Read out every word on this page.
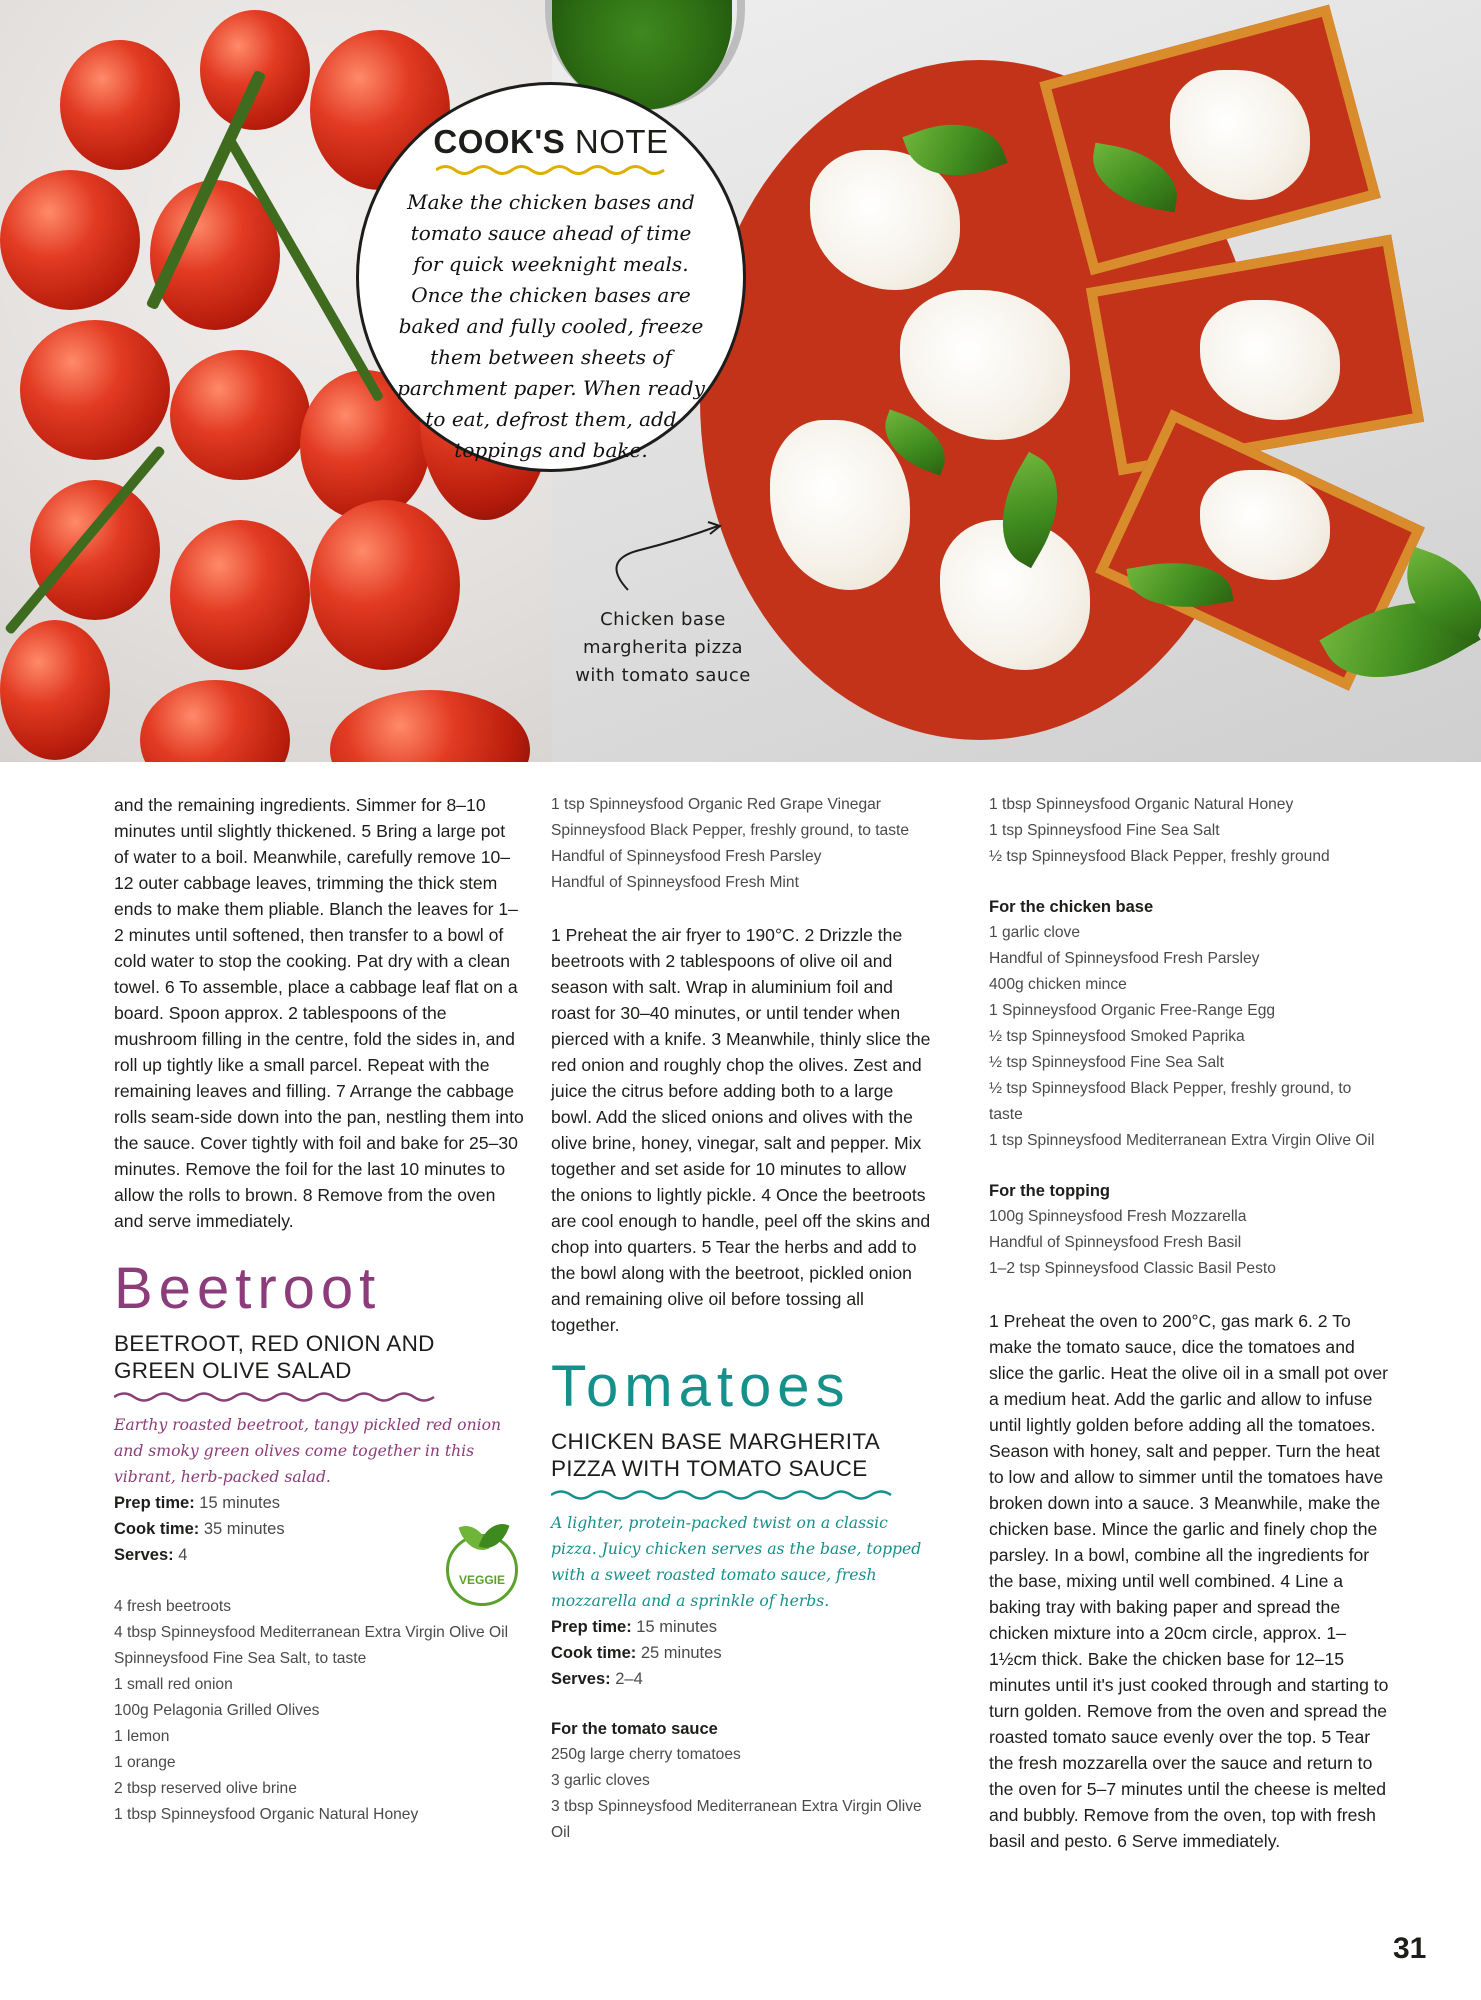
COOK'S NOTE
Make the chicken bases and tomato sauce ahead of time for quick weeknight meals. Once the chicken bases are baked and fully cooled, freeze them between sheets of parchment paper. When ready to eat, defrost them, add toppings and bake.
Chicken base
margherita pizza
with tomato sauce

and the remaining ingredients. Simmer for 8–10 minutes until slightly thickened. 5 Bring a large pot of water to a boil. Meanwhile, carefully remove 10–12 outer cabbage leaves, trimming the thick stem ends to make them pliable. Blanch the leaves for 1–2 minutes until softened, then transfer to a bowl of cold water to stop the cooking. Pat dry with a clean towel. 6 To assemble, place a cabbage leaf flat on a board. Spoon approx. 2 tablespoons of the mushroom filling in the centre, fold the sides in, and roll up tightly like a small parcel. Repeat with the remaining leaves and filling. 7 Arrange the cabbage rolls seam-side down into the pan, nestling them into the sauce. Cover tightly with foil and bake for 25–30 minutes. Remove the foil for the last 10 minutes to allow the rolls to brown. 8 Remove from the oven and serve immediately.

Beetroot
BEETROOT, RED ONION AND
GREEN OLIVE SALAD

Earthy roasted beetroot, tangy pickled red onion and smoky green olives come together in this vibrant, herb-packed salad.

Prep time: 15 minutes

Cook time: 35 minutes

Serves: 4

4 fresh beetroots
4 tbsp Spinneysfood Mediterranean Extra Virgin Olive Oil
Spinneysfood Fine Sea Salt, to taste
1 small red onion
100g Pelagonia Grilled Olives
1 lemon
1 orange
2 tbsp reserved olive brine
1 tbsp Spinneysfood Organic Natural Honey
VEGGIE
1 tsp Spinneysfood Organic Red Grape Vinegar
Spinneysfood Black Pepper, freshly ground, to taste
Handful of Spinneysfood Fresh Parsley
Handful of Spinneysfood Fresh Mint

1 Preheat the air fryer to 190°C. 2 Drizzle the beetroots with 2 tablespoons of olive oil and season with salt. Wrap in aluminium foil and roast for 30–40 minutes, or until tender when pierced with a knife. 3 Meanwhile, thinly slice the red onion and roughly chop the olives. Zest and juice the citrus before adding both to a large bowl. Add the sliced onions and olives with the olive brine, honey, vinegar, salt and pepper. Mix together and set aside for 10 minutes to allow the onions to lightly pickle. 4 Once the beetroots are cool enough to handle, peel off the skins and chop into quarters. 5 Tear the herbs and add to the bowl along with the beetroot, pickled onion and remaining olive oil before tossing all together.

Tomatoes
CHICKEN BASE MARGHERITA
PIZZA WITH TOMATO SAUCE

A lighter, protein-packed twist on a classic pizza. Juicy chicken serves as the base, topped with a sweet roasted tomato sauce, fresh mozzarella and a sprinkle of herbs.

Prep time: 15 minutes

Cook time: 25 minutes

Serves: 2–4

For the tomato sauce

250g large cherry tomatoes
3 garlic cloves
3 tbsp Spinneysfood Mediterranean Extra Virgin Olive Oil
1 tbsp Spinneysfood Organic Natural Honey
1 tsp Spinneysfood Fine Sea Salt
½ tsp Spinneysfood Black Pepper, freshly ground

For the chicken base

1 garlic clove
Handful of Spinneysfood Fresh Parsley
400g chicken mince
1 Spinneysfood Organic Free-Range Egg
½ tsp Spinneysfood Smoked Paprika
½ tsp Spinneysfood Fine Sea Salt
½ tsp Spinneysfood Black Pepper, freshly ground, to taste
1 tsp Spinneysfood Mediterranean Extra Virgin Olive Oil

For the topping

100g Spinneysfood Fresh Mozzarella
Handful of Spinneysfood Fresh Basil
1–2 tsp Spinneysfood Classic Basil Pesto

1 Preheat the oven to 200°C, gas mark 6. 2 To make the tomato sauce, dice the tomatoes and slice the garlic. Heat the olive oil in a small pot over a medium heat. Add the garlic and allow to infuse until lightly golden before adding all the tomatoes. Season with honey, salt and pepper. Turn the heat to low and allow to simmer until the tomatoes have broken down into a sauce. 3 Meanwhile, make the chicken base. Mince the garlic and finely chop the parsley. In a bowl, combine all the ingredients for the base, mixing until well combined. 4 Line a baking tray with baking paper and spread the chicken mixture into a 20cm circle, approx. 1–1½cm thick. Bake the chicken base for 12–15 minutes until it's just cooked through and starting to turn golden. Remove from the oven and spread the roasted tomato sauce evenly over the top. 5 Tear the fresh mozzarella over the sauce and return to the oven for 5–7 minutes until the cheese is melted and bubbly. Remove from the oven, top with fresh basil and pesto. 6 Serve immediately.

31
